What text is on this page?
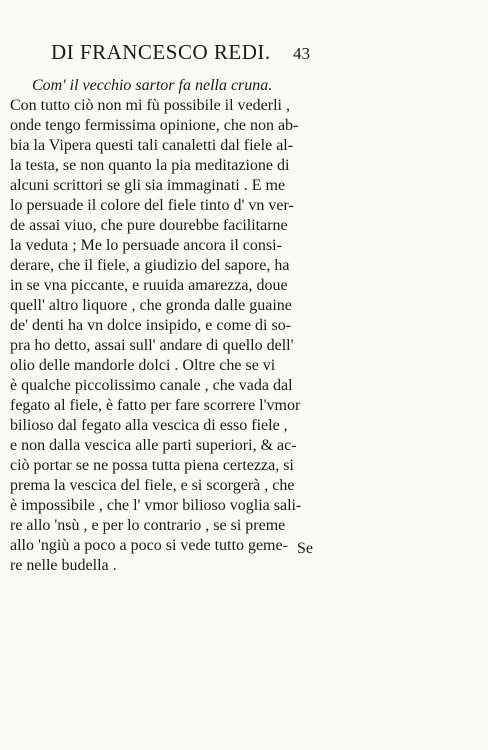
DI FRANCESCO REDI. 43
Com' il vecchio sartor fa nella cruna.
Con tutto ciò non mi fù possibile il vederli ,
onde tengo fermissima opinione, che non ab-
bia la Vipera questi tali canaletti dal fiele al-
la testa, se non quanto la pia meditazione di
alcuni scrittori se gli sia immaginati . E me
lo persuade il colore del fiele tinto d' vn ver-
de assai viuo, che pure dourebbe facilitarne
la veduta ; Me lo persuade ancora il consi-
derare, che il fiele, a giudizio del sapore, ha
in se vna piccante, e ruuida amarezza, doue
quell' altro liquore , che gronda dalle guaine
de' denti ha vn dolce insipido, e come di so-
pra ho detto, assai sull' andare di quello dell'
olio delle mandorle dolci . Oltre che se vi
è qualche piccolissimo canale , che vada dal
fegato al fiele, è fatto per fare scorrere l'vmor
bilioso dal fegato alla vescica di esso fiele ,
e non dalla vescica alle parti superiori, & ac-
ciò portar se ne possa tutta piena certezza, si
prema la vescica del fiele, e si scorgerà , che
è impossibile , che l' vmor bilioso voglia sali-
re allo 'nsù , e per lo contrario , se si preme
allo 'ngiù a poco a poco si vede tutto geme-
re nelle budella .
Se
